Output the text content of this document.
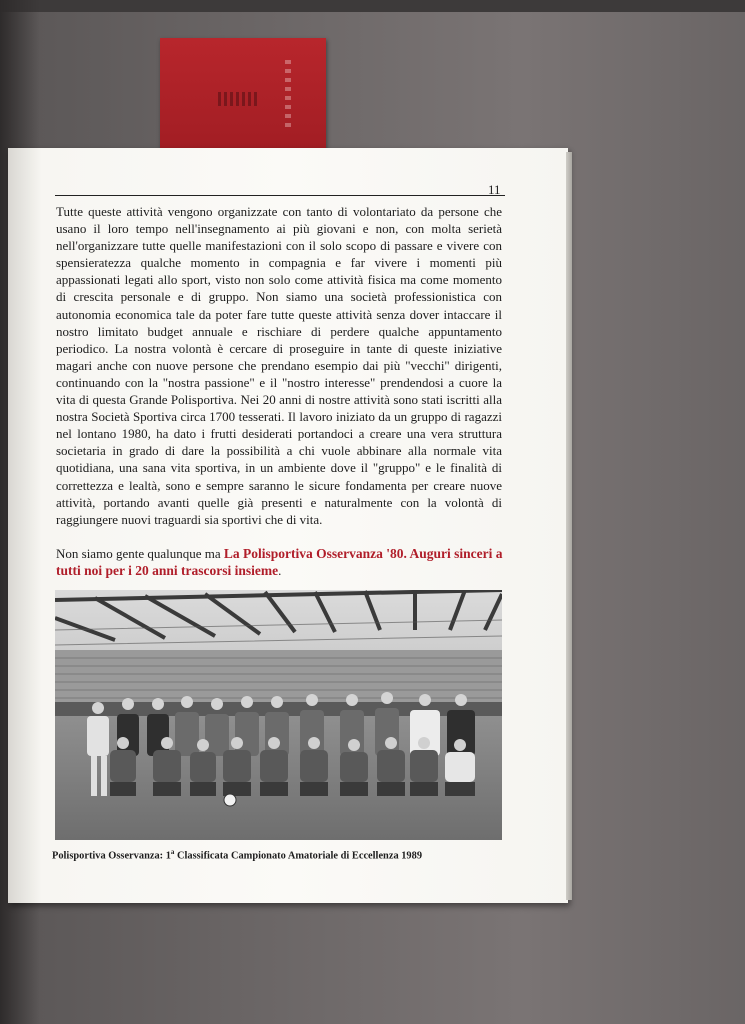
11

Tutte queste attività vengono organizzate con tanto di volontariato da persone che usano il loro tempo nell'insegnamento ai più giovani e non, con molta serietà nell'organizzare tutte quelle manifestazioni con il solo scopo di passare e vivere con spensieratezza qualche momento in compagnia e far vivere i momenti più appassionati legati allo sport, visto non solo come attività fisica ma come momento di crescita personale e di gruppo. Non siamo una società professionistica con autonomia economica tale da poter fare tutte queste attività senza dover intaccare il nostro limitato budget annuale e rischiare di perdere qualche appuntamento periodico. La nostra volontà è cercare di proseguire in tante di queste iniziative magari anche con nuove persone che prendano esempio dai più "vecchi" dirigenti, continuando con la "nostra passione" e il "nostro interesse" prendendosi a cuore la vita di questa Grande Polisportiva. Nei 20 anni di nostre attività sono stati iscritti alla nostra Società Sportiva circa 1700 tesserati. Il lavoro iniziato da un gruppo di ragazzi nel lontano 1980, ha dato i frutti desiderati portandoci a creare una vera struttura societaria in grado di dare la possibilità a chi vuole abbinare alla normale vita quotidiana, una sana vita sportiva, in un ambiente dove il "gruppo" e le finalità di correttezza e lealtà, sono e sempre saranno le sicure fondamenta per creare nuove attività, portando avanti quelle già presenti e naturalmente con la volontà di raggiungere nuovi traguardi sia sportivi che di vita.

Non siamo gente qualunque ma La Polisportiva Osservanza '80. Auguri sinceri a tutti noi per i 20 anni trascorsi insieme.

Polisportiva Osservanza: 1$^a$ Classificata Campionato Amatoriale di Eccellenza 1989
